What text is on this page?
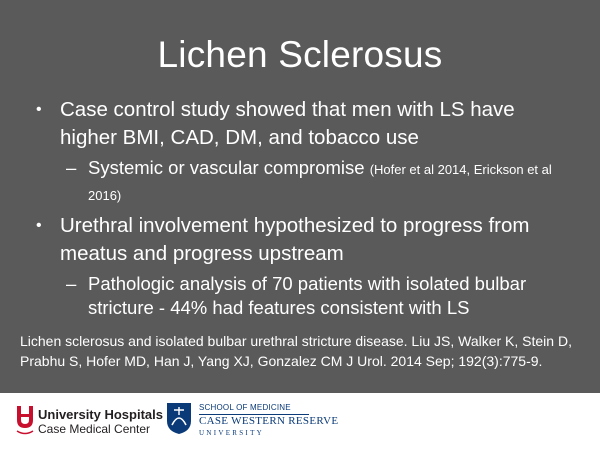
Lichen Sclerosus
• Case control study showed that men with LS have higher BMI, CAD, DM, and tobacco use
– Systemic or vascular compromise (Hofer et al 2014, Erickson et al 2016)
• Urethral involvement hypothesized to progress from meatus and progress upstream
– Pathologic analysis of 70 patients with isolated bulbar stricture - 44% had features consistent with LS
Lichen sclerosus and isolated bulbar urethral stricture disease. Liu JS, Walker K, Stein D, Prabhu S, Hofer MD, Han J, Yang XJ, Gonzalez CM J Urol. 2014 Sep; 192(3):775-9.
University Hospitals
Case Medical Center
SCHOOL OF MEDICINE
CASE WESTERN RESERVE
UNIVERSITY
